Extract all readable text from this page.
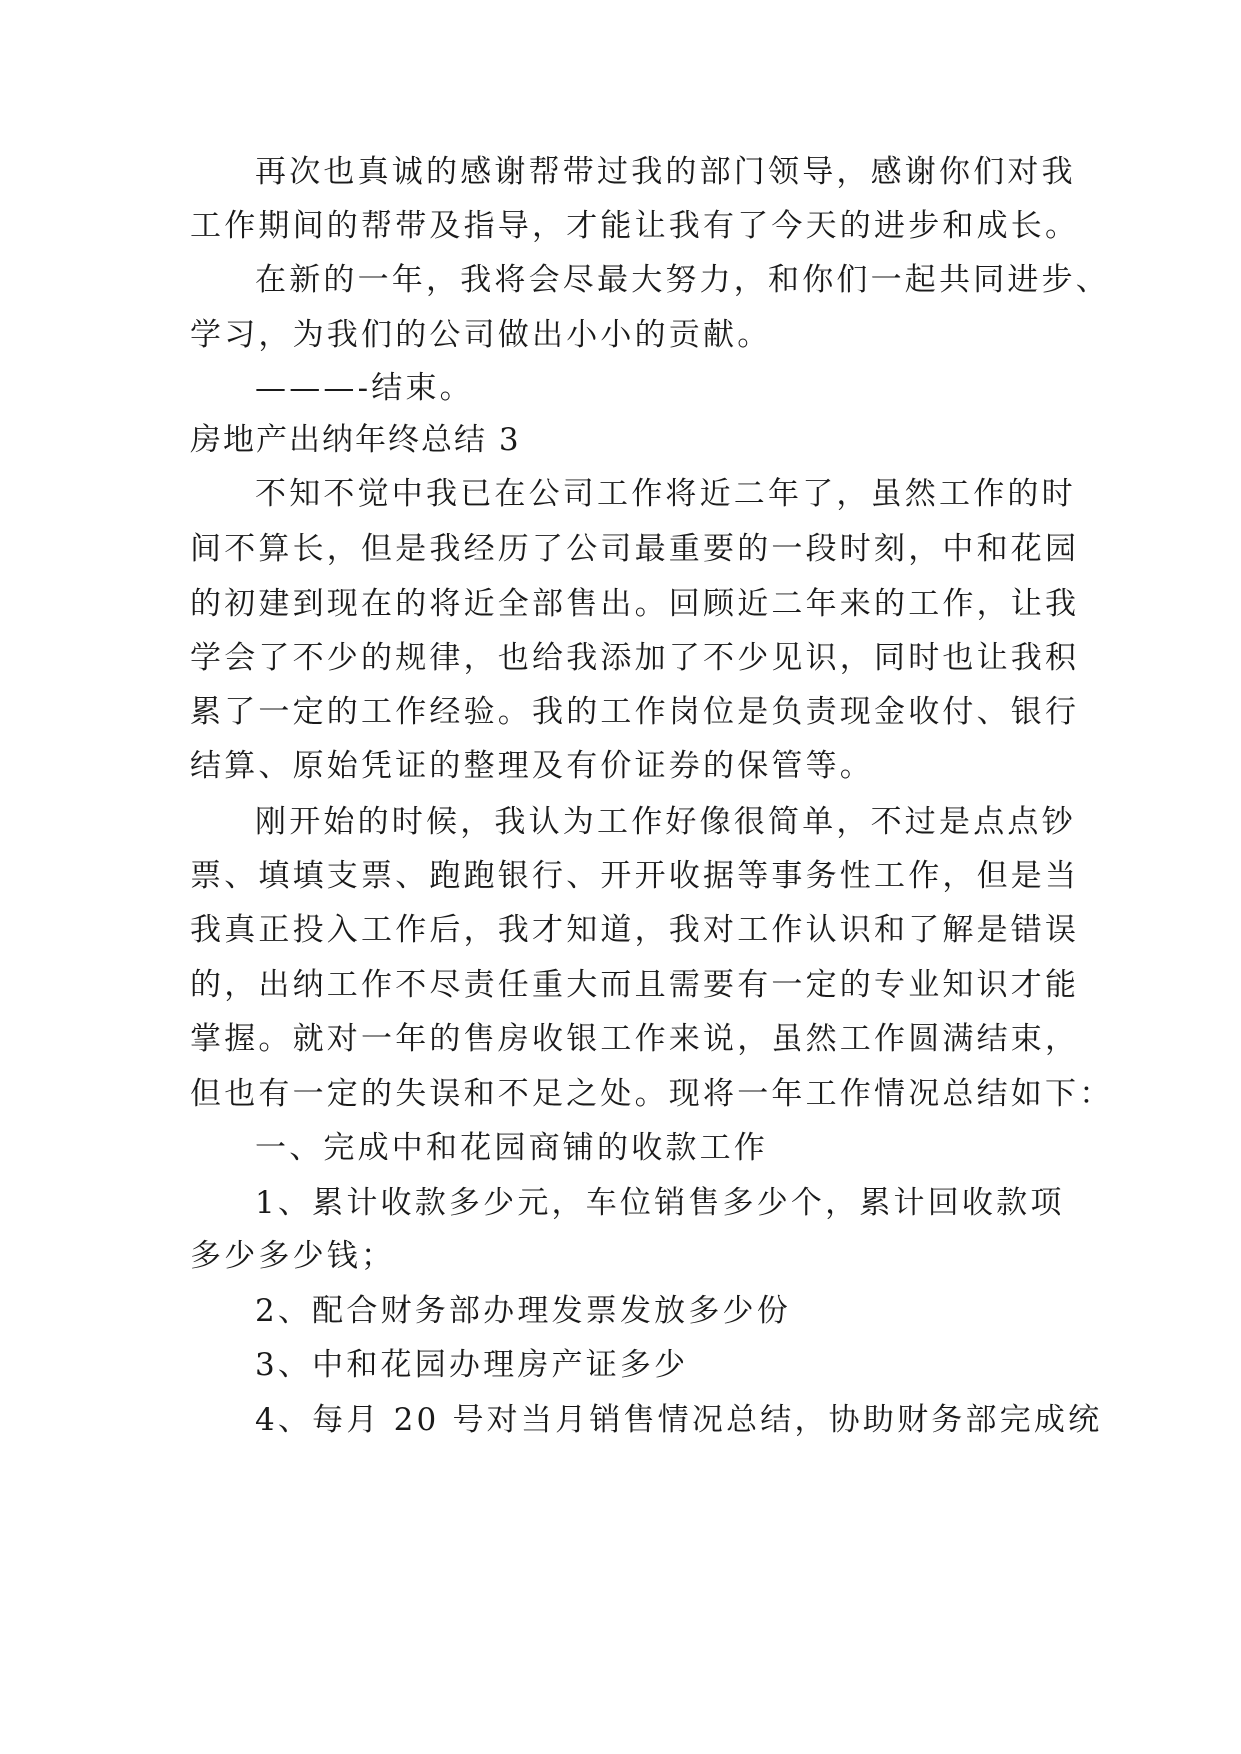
再次也真诚的感谢帮带过我的部门领导，感谢你们对我
工作期间的帮带及指导，才能让我有了今天的进步和成长。
在新的一年，我将会尽最大努力，和你们一起共同进步、
学习，为我们的公司做出小小的贡献。
———-结束。
房地产出纳年终总结 3
不知不觉中我已在公司工作将近二年了，虽然工作的时
间不算长，但是我经历了公司最重要的一段时刻，中和花园
的初建到现在的将近全部售出。回顾近二年来的工作，让我
学会了不少的规律，也给我添加了不少见识，同时也让我积
累了一定的工作经验。我的工作岗位是负责现金收付、银行
结算、原始凭证的整理及有价证券的保管等。
刚开始的时候，我认为工作好像很简单，不过是点点钞
票、填填支票、跑跑银行、开开收据等事务性工作，但是当
我真正投入工作后，我才知道，我对工作认识和了解是错误
的，出纳工作不尽责任重大而且需要有一定的专业知识才能
掌握。就对一年的售房收银工作来说，虽然工作圆满结束，
但也有一定的失误和不足之处。现将一年工作情况总结如下：
一、完成中和花园商铺的收款工作
1、累计收款多少元，车位销售多少个，累计回收款项
多少多少钱；
2、配合财务部办理发票发放多少份
3、中和花园办理房产证多少
4、每月 20 号对当月销售情况总结，协助财务部完成统
